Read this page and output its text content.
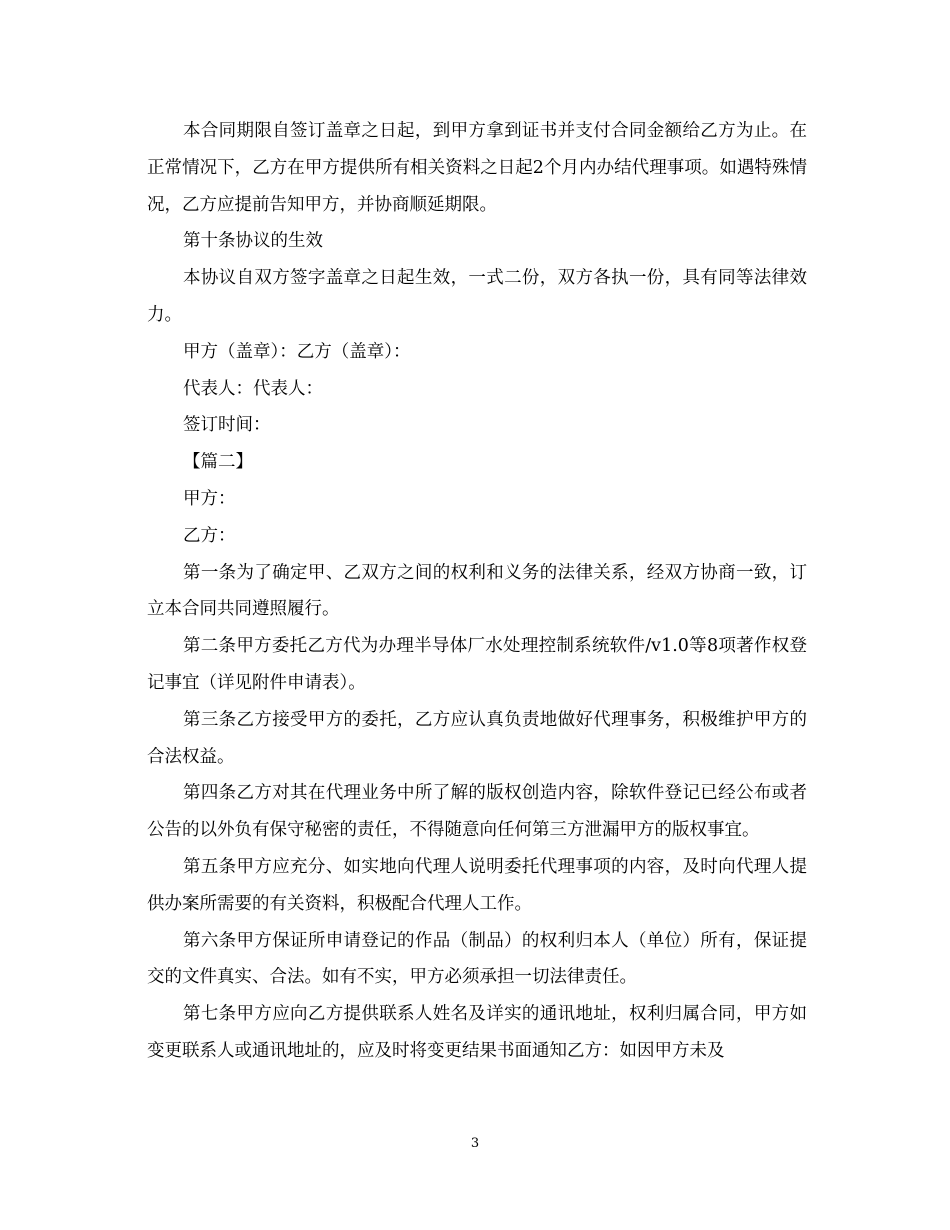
本合同期限自签订盖章之日起，到甲方拿到证书并支付合同金额给乙方为止。在正常情况下，乙方在甲方提供所有相关资料之日起2个月内办结代理事项。如遇特殊情况，乙方应提前告知甲方，并协商顺延期限。

第十条协议的生效

本协议自双方签字盖章之日起生效，一式二份，双方各执一份，具有同等法律效力。

甲方（盖章）：乙方（盖章）：

代表人：代表人：

签订时间：

【篇二】

甲方：

乙方：

第一条为了确定甲、乙双方之间的权利和义务的法律关系，经双方协商一致，订立本合同共同遵照履行。

第二条甲方委托乙方代为办理半导体厂水处理控制系统软件/v1.0等8项著作权登记事宜（详见附件申请表）。

第三条乙方接受甲方的委托，乙方应认真负责地做好代理事务，积极维护甲方的合法权益。

第四条乙方对其在代理业务中所了解的版权创造内容，除软件登记已经公布或者公告的以外负有保守秘密的责任，不得随意向任何第三方泄漏甲方的版权事宜。

第五条甲方应充分、如实地向代理人说明委托代理事项的内容，及时向代理人提供办案所需要的有关资料，积极配合代理人工作。

第六条甲方保证所申请登记的作品（制品）的权利归本人（单位）所有，保证提交的文件真实、合法。如有不实，甲方必须承担一切法律责任。

第七条甲方应向乙方提供联系人姓名及详实的通讯地址，权利归属合同，甲方如变更联系人或通讯地址的，应及时将变更结果书面通知乙方：如因甲方未及

3
